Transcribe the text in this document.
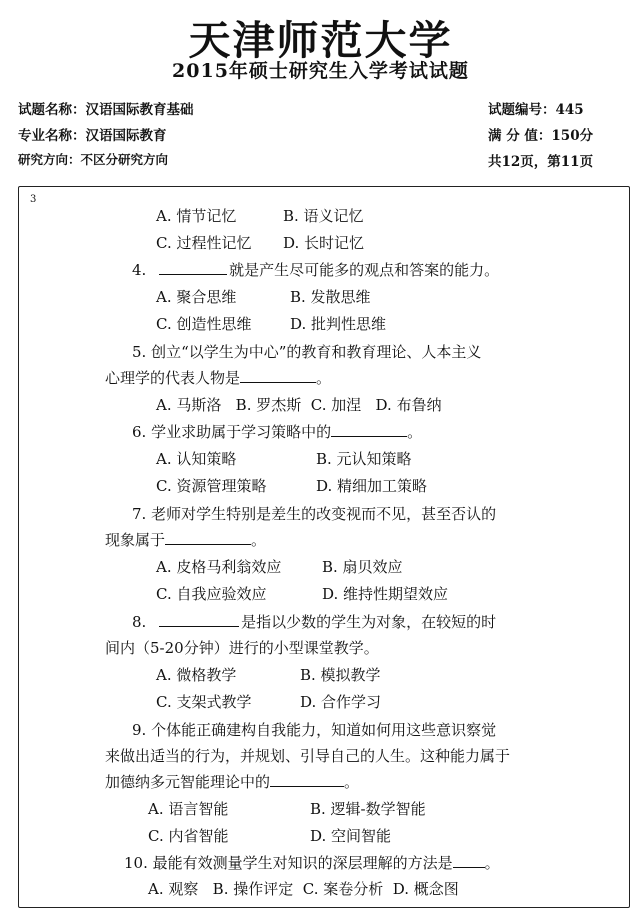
天津师范大学
2015年硕士研究生入学考试试题
试题名称：汉语国际教育基础
专业名称：汉语国际教育
研究方向：不区分研究方向
试题编号：445
满 分 值：150分
共12页，第11页
3
A. 情节记忆	B. 语义记忆
C. 过程性记忆 D. 长时记忆
4.	就是产生尽可能多的观点和答案的能力。
A. 聚合思维	B. 发散思维
C. 创造性思维	D. 批判性思维
5. 创立“以学生为中心”的教育和教育理论、人本主义
心理学的代表人物是	。
A. 马斯洛   B. 罗杰斯  C. 加涅   D. 布鲁纳
6. 学业求助属于学习策略中的	。
A. 认知策略	B. 元认知策略
C. 资源管理策略	D. 精细加工策略
7. 老师对学生特别是差生的改变视而不见，甚至否认的
现象属于	。
A. 皮格马利翁效应	B. 扇贝效应
C. 自我应验效应	D. 维持性期望效应
8.	是指以少数的学生为对象，在较短的时
间内（5-20分钟）进行的小型课堂教学。
A. 微格教学	B. 模拟教学
C. 支架式教学	D. 合作学习
9. 个体能正确建构自我能力，知道如何用这些意识察觉
来做出适当的行为，并规划、引导自己的人生。这种能力属于
加德纳多元智能理论中的	。
A. 语言智能	B. 逻辑-数学智能
C. 内省智能	D. 空间智能
10. 最能有效测量学生对知识的深层理解的方法是 。
A. 观察   B. 操作评定  C. 案卷分析  D. 概念图
